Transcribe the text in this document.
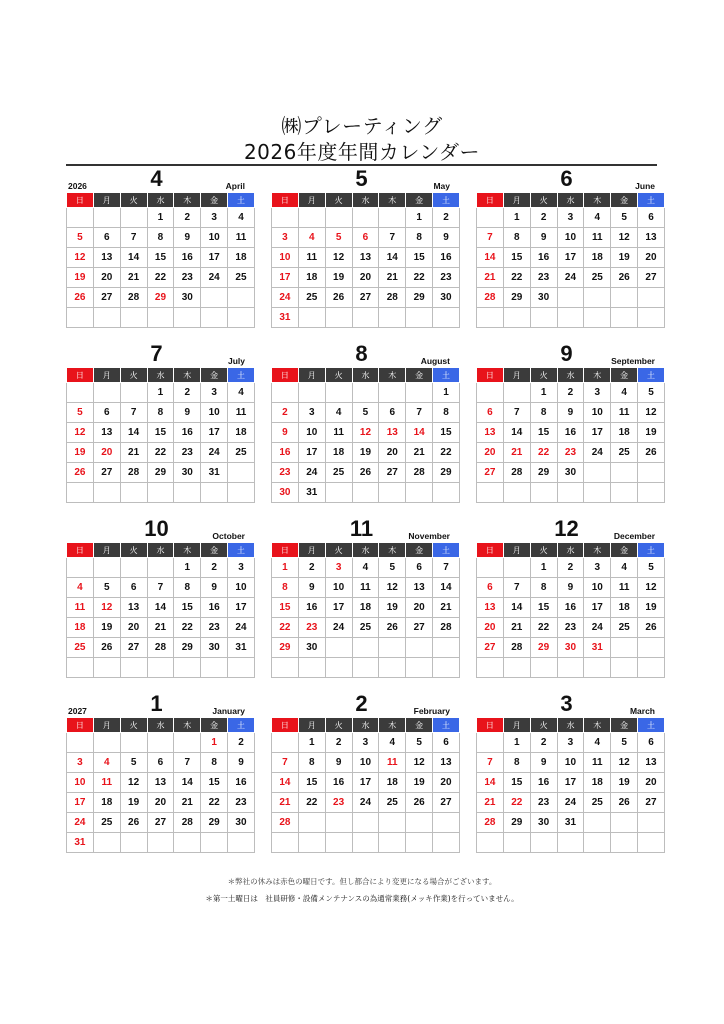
㈱プレーティング
2026年度年間カレンダー
2026	4	April
日	月	火	水	木	金	土
			1	2	3	4
5	6	7	8	9	10	11
12	13	14	15	16	17	18
19	20	21	22	23	24	25
26	27	28	29	30		

5	May
日	月	火	水	木	金	土
					1	2
3	4	5	6	7	8	9
10	11	12	13	14	15	16
17	18	19	20	21	22	23
24	25	26	27	28	29	30
31						
6	June
日	月	火	水	木	金	土
	1	2	3	4	5	6
7	8	9	10	11	12	13
14	15	16	17	18	19	20
21	22	23	24	25	26	27
28	29	30				

7	July
日	月	火	水	木	金	土
			1	2	3	4
5	6	7	8	9	10	11
12	13	14	15	16	17	18
19	20	21	22	23	24	25
26	27	28	29	30	31	

8	August
日	月	火	水	木	金	土
						1
2	3	4	5	6	7	8
9	10	11	12	13	14	15
16	17	18	19	20	21	22
23	24	25	26	27	28	29
30	31					
9	September
日	月	火	水	木	金	土
		1	2	3	4	5
6	7	8	9	10	11	12
13	14	15	16	17	18	19
20	21	22	23	24	25	26
27	28	29	30			

10	October
日	月	火	水	木	金	土
				1	2	3
4	5	6	7	8	9	10
11	12	13	14	15	16	17
18	19	20	21	22	23	24
25	26	27	28	29	30	31

11	November
日	月	火	水	木	金	土
1	2	3	4	5	6	7
8	9	10	11	12	13	14
15	16	17	18	19	20	21
22	23	24	25	26	27	28
29	30					

12	December
日	月	火	水	木	金	土
		1	2	3	4	5
6	7	8	9	10	11	12
13	14	15	16	17	18	19
20	21	22	23	24	25	26
27	28	29	30	31		

2027	1	January
日	月	火	水	木	金	土
					1	2
3	4	5	6	7	8	9
10	11	12	13	14	15	16
17	18	19	20	21	22	23
24	25	26	27	28	29	30
31						
2	February
日	月	火	水	木	金	土
	1	2	3	4	5	6
7	8	9	10	11	12	13
14	15	16	17	18	19	20
21	22	23	24	25	26	27
28						

3	March
日	月	火	水	木	金	土
	1	2	3	4	5	6
7	8	9	10	11	12	13
14	15	16	17	18	19	20
21	22	23	24	25	26	27
28	29	30	31			

＊弊社の休みは赤色の曜日です。但し都合により変更になる場合がございます。
＊第一土曜日は　社員研修・設備メンテナンスの為通常業務(メッキ作業)を行っていません。
